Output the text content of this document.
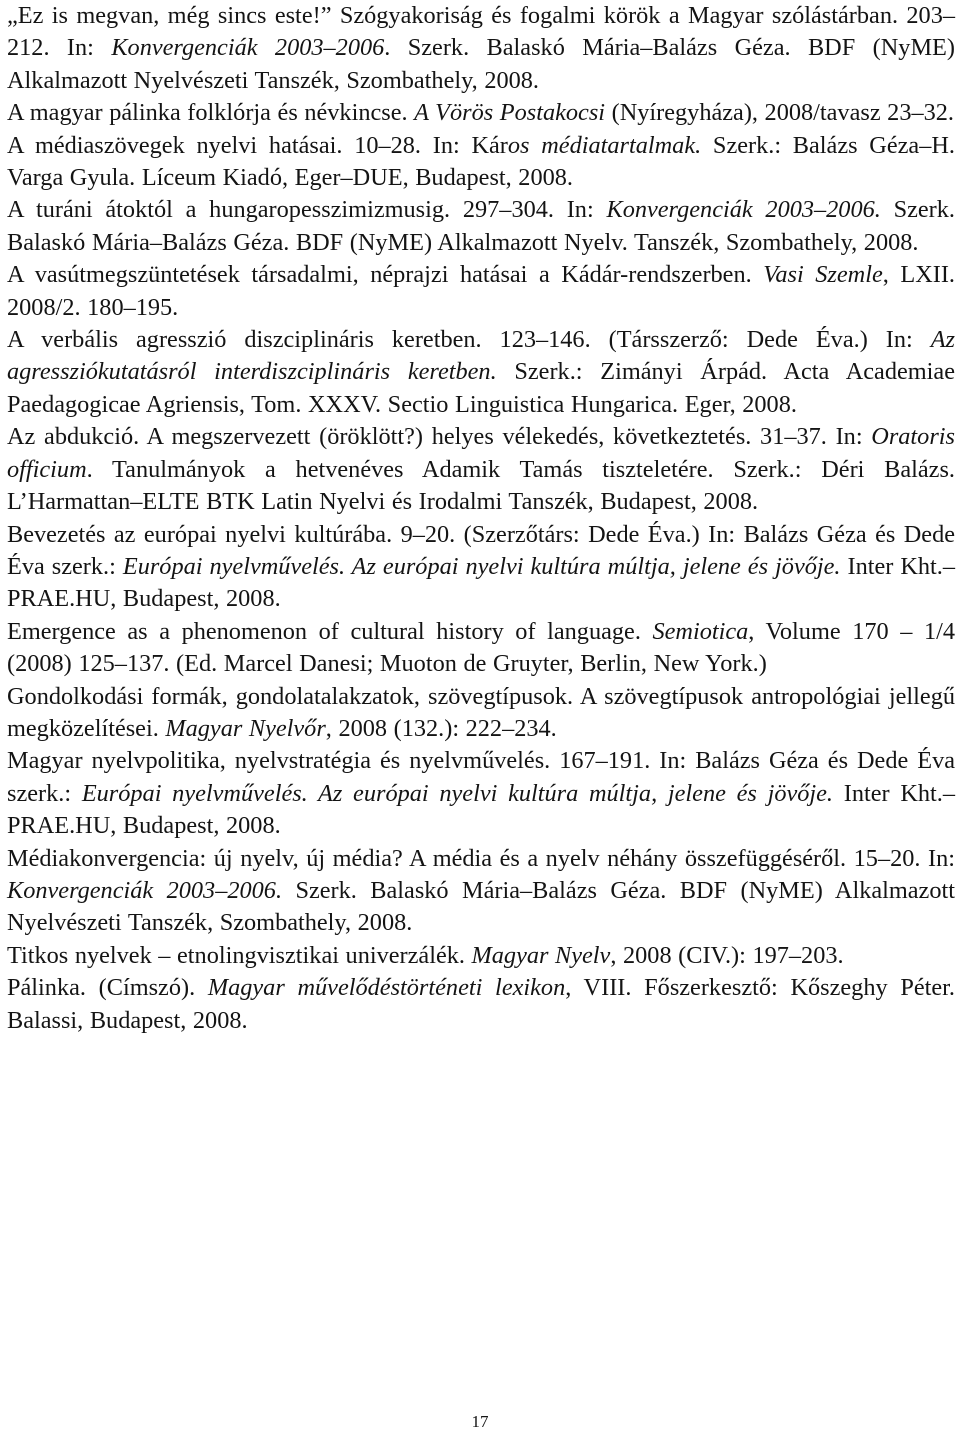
„Ez is megvan, még sincs este!” Szógyakoriság és fogalmi körök a Magyar szólástárban. 203‒212. In: Konvergenciák 2003‒2006. Szerk. Balaskó Mária‒Balázs Géza. BDF (NyME) Alkalmazott Nyelvészeti Tanszék, Szombathely, 2008.
A magyar pálinka folklórja és névkincse. A Vörös Postakocsi (Nyíregyháza), 2008/tavasz 23‒32.
A médiaszövegek nyelvi hatásai. 10‒28. In: Káros médiatartalmak. Szerk.: Balázs Géza‒H. Varga Gyula. Líceum Kiadó, Eger‒DUE, Budapest, 2008.
A turáni átoktól a hungaropesszimizmusig. 297‒304. In: Konvergenciák 2003‒2006. Szerk. Balaskó Mária‒Balázs Géza. BDF (NyME) Alkalmazott Nyelv. Tanszék, Szombathely, 2008.
A vasútmegszüntetések társadalmi, néprajzi hatásai a Kádár-rendszerben. Vasi Szemle, LXII. 2008/2. 180‒195.
A verbális agresszió diszciplináris keretben. 123‒146. (Társszerző: Dede Éva.) In: Az agressziókutatásról interdiszciplináris keretben. Szerk.: Zimányi Árpád. Acta Academiae Paedagogicae Agriensis, Tom. XXXV. Sectio Linguistica Hungarica. Eger, 2008.
Az abdukció. A megszervezett (öröklött?) helyes vélekedés, következtetés. 31‒37. In: Oratoris officium. Tanulmányok a hetvenéves Adamik Tamás tiszteletére. Szerk.: Déri Balázs. L’Harmattan‒ELTE BTK Latin Nyelvi és Irodalmi Tanszék, Budapest, 2008.
Bevezetés az európai nyelvi kultúrába. 9‒20. (Szerzőtárs: Dede Éva.) In: Balázs Géza és Dede Éva szerk.: Európai nyelvművelés. Az európai nyelvi kultúra múltja, jelene és jövője. Inter Kht.‒PRAE.HU, Budapest, 2008.
Emergence as a phenomenon of cultural history of language. Semiotica, Volume 170 ‒ 1/4 (2008) 125‒137. (Ed. Marcel Danesi; Muoton de Gruyter, Berlin, New York.)
Gondolkodási formák, gondolatalakzatok, szövegtípusok. A szövegtípusok antropológiai jellegű megközelítései. Magyar Nyelvőr, 2008 (132.): 222‒234.
Magyar nyelvpolitika, nyelvstratégia és nyelvművelés. 167‒191. In: Balázs Géza és Dede Éva szerk.: Európai nyelvművelés. Az európai nyelvi kultúra múltja, jelene és jövője. Inter Kht.‒PRAE.HU, Budapest, 2008.
Médiakonvergencia: új nyelv, új média? A média és a nyelv néhány összefüggéséről. 15‒20. In: Konvergenciák 2003‒2006. Szerk. Balaskó Mária‒Balázs Géza. BDF (NyME) Alkalmazott Nyelvészeti Tanszék, Szombathely, 2008.
Titkos nyelvek ‒ etnolingvisztikai univerzálék. Magyar Nyelv, 2008 (CIV.): 197‒203.
Pálinka. (Címszó). Magyar művelődéstörténeti lexikon, VIII. Főszerkesztő: Kőszeghy Péter. Balassi, Budapest, 2008.
17
